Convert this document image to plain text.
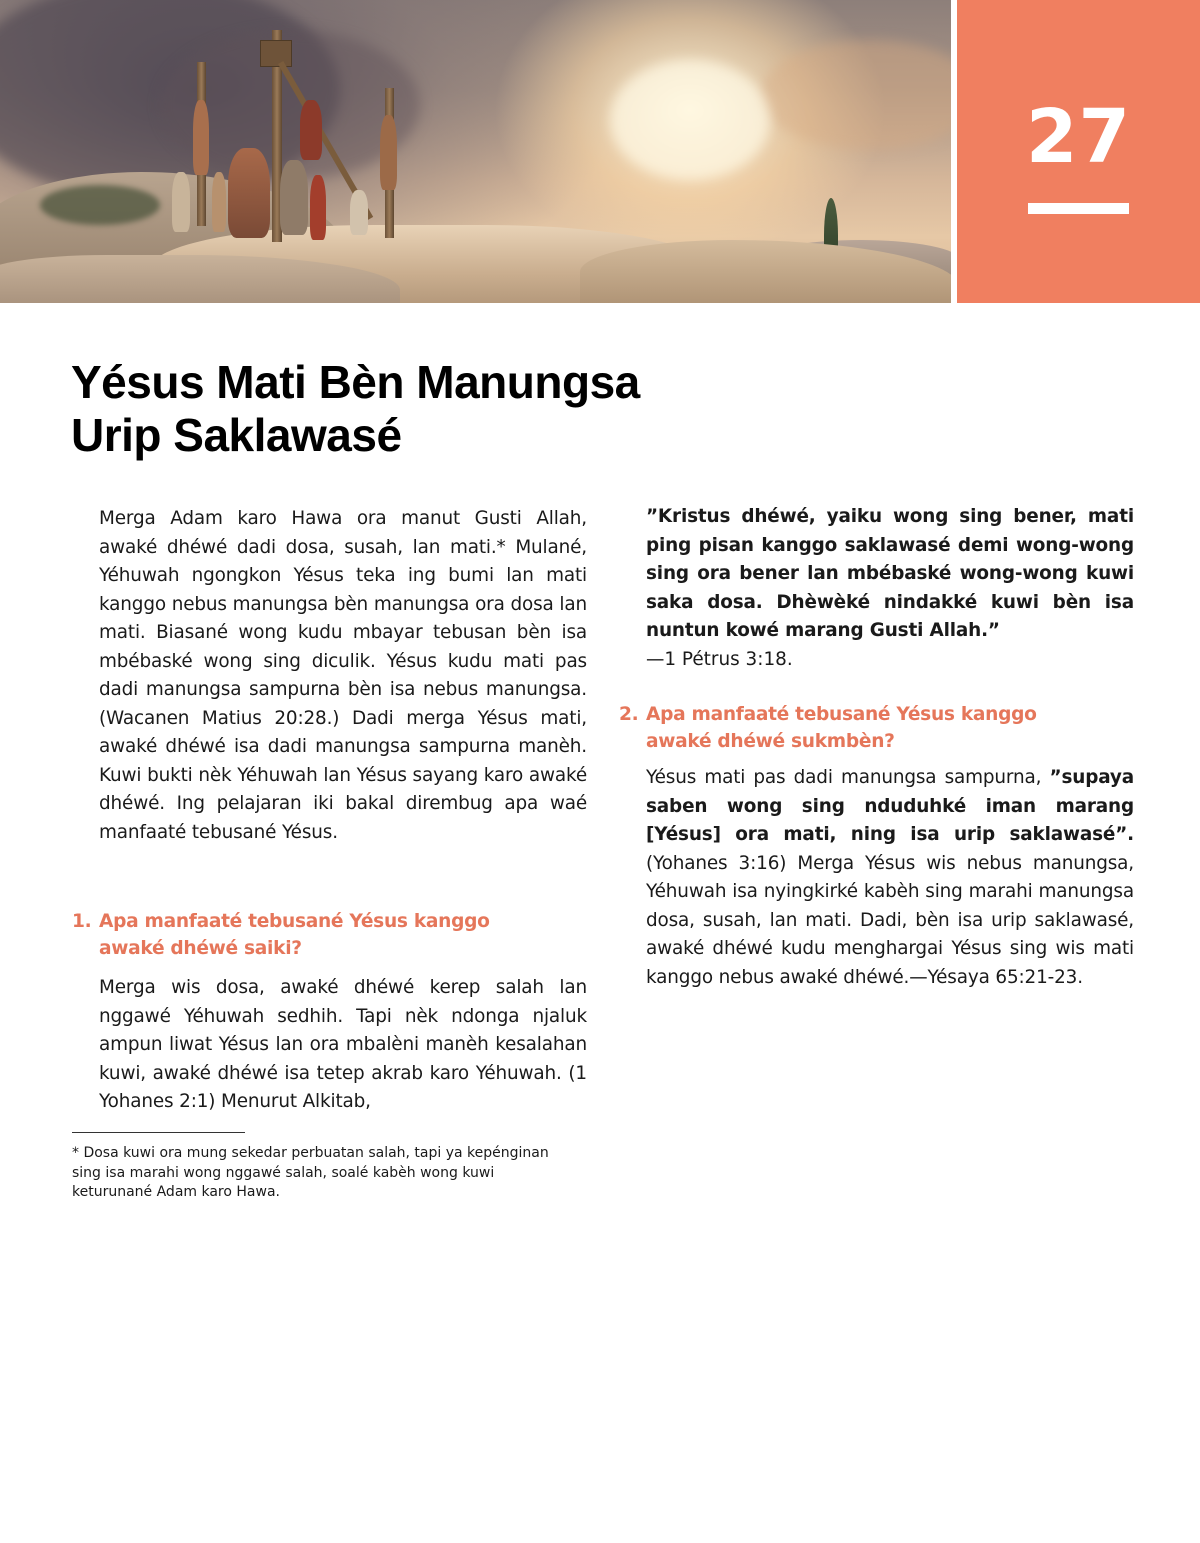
27
Yésus Mati Bèn Manungsa
Urip Saklawasé

Merga Adam karo Hawa ora manut Gusti Allah, awaké dhéwé dadi dosa, susah, lan mati.* Mulané, Yéhuwah ngongkon Yésus teka ing bumi lan mati kanggo nebus manungsa bèn manungsa ora dosa lan mati. Biasané wong kudu mbayar tebusan bèn isa mbébaské wong sing diculik. Yésus kudu mati pas dadi manungsa sampurna bèn isa nebus manungsa. (Wacanen Matius 20:28.) Dadi merga Yésus mati, awaké dhéwé isa dadi manungsa sampurna manèh. Kuwi bukti nèk Yéhuwah lan Yésus sayang karo awaké dhéwé. Ing pelajaran iki bakal dirembug apa waé manfaaté tebusané Yésus.

1. Apa manfaaté tebusané Yésus kanggo
awaké dhéwé saiki?

Merga wis dosa, awaké dhéwé kerep salah lan nggawé Yéhuwah sedhih. Tapi nèk ndonga njaluk ampun liwat Yésus lan ora mbalèni manèh kesalahan kuwi, awaké dhéwé isa tetep akrab karo Yéhuwah. (1 Yohanes 2:1) Menurut Alkitab,

”Kristus dhéwé, yaiku wong sing bener, mati ping pisan kanggo saklawasé demi wong-wong sing ora bener lan mbébaské wong-wong kuwi saka dosa. Dhèwèké nindakké kuwi bèn isa nuntun kowé marang Gusti Allah.”

—1 Pétrus 3:18.

2. Apa manfaaté tebusané Yésus kanggo
awaké dhéwé sukmbèn?

Yésus mati pas dadi manungsa sampurna, ”supaya saben wong sing nduduhké iman marang [Yésus] ora mati, ning isa urip saklawasé”. (Yohanes 3:16) Merga Yésus wis nebus manungsa, Yéhuwah isa nyingkirké kabèh sing marahi manungsa dosa, susah, lan mati. Dadi, bèn isa urip saklawasé, awaké dhéwé kudu menghargai Yésus sing wis mati kanggo nebus awaké dhéwé.—Yésaya 65:21-23.

* Dosa kuwi ora mung sekedar perbuatan salah, tapi ya kepénginan sing isa marahi wong nggawé salah, soalé kabèh wong kuwi keturunané Adam karo Hawa.
